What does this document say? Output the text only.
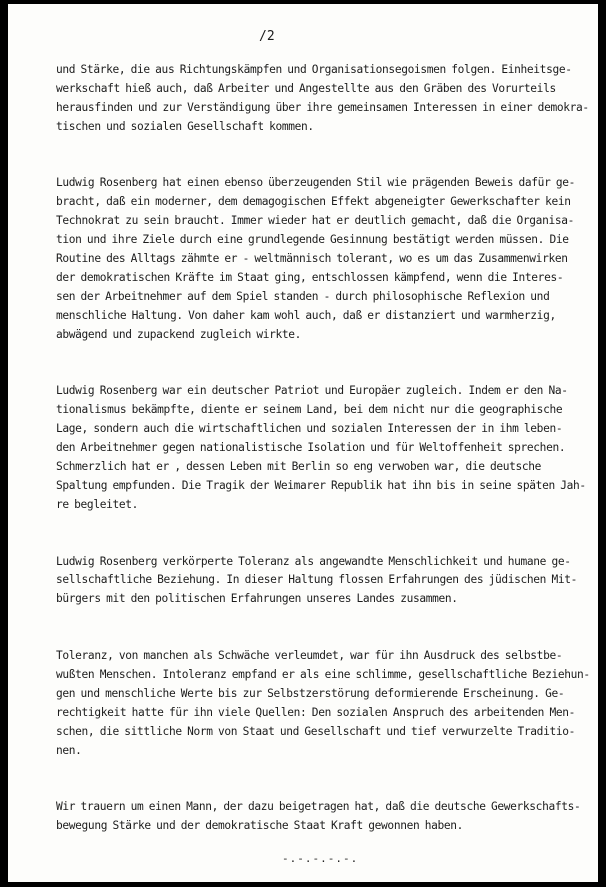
/2
und Stärke, die aus Richtungskämpfen und Organisationsegoismen folgen. Einheitsge-
werkschaft hieß auch, daß Arbeiter und Angestellte aus den Gräben des Vorurteils
herausfinden und zur Verständigung über ihre gemeinsamen Interessen in einer demokra-
tischen und sozialen Gesellschaft kommen.
Ludwig Rosenberg hat einen ebenso überzeugenden Stil wie prägenden Beweis dafür ge-
bracht, daß ein moderner, dem demagogischen Effekt abgeneigter Gewerkschafter kein
Technokrat zu sein braucht. Immer wieder hat er deutlich gemacht, daß die Organisa-
tion und ihre Ziele durch eine grundlegende Gesinnung bestätigt werden müssen. Die
Routine des Alltags zähmte er - weltmännisch tolerant, wo es um das Zusammenwirken
der demokratischen Kräfte im Staat ging, entschlossen kämpfend, wenn die Interes-
sen der Arbeitnehmer auf dem Spiel standen - durch philosophische Reflexion und
menschliche Haltung. Von daher kam wohl auch, daß er distanziert und warmherzig,
abwägend und zupackend zugleich wirkte.
Ludwig Rosenberg war ein deutscher Patriot und Europäer zugleich. Indem er den Na-
tionalismus bekämpfte, diente er seinem Land, bei dem nicht nur die geographische
Lage, sondern auch die wirtschaftlichen und sozialen Interessen der in ihm leben-
den Arbeitnehmer gegen nationalistische Isolation und für Weltoffenheit sprechen.
Schmerzlich hat er , dessen Leben mit Berlin so eng verwoben war, die deutsche
Spaltung empfunden. Die Tragik der Weimarer Republik hat ihn bis in seine späten Jah-
re begleitet.
Ludwig Rosenberg verkörperte Toleranz als angewandte Menschlichkeit und humane ge-
sellschaftliche Beziehung. In dieser Haltung flossen Erfahrungen des jüdischen Mit-
bürgers mit den politischen Erfahrungen unseres Landes zusammen.
Toleranz, von manchen als Schwäche verleumdet, war für ihn Ausdruck des selbstbe-
wußten Menschen. Intoleranz empfand er als eine schlimme, gesellschaftliche Beziehun-
gen und menschliche Werte bis zur Selbstzerstörung deformierende Erscheinung. Ge-
rechtigkeit hatte für ihn viele Quellen: Den sozialen Anspruch des arbeitenden Men-
schen, die sittliche Norm von Staat und Gesellschaft und tief verwurzelte Traditio-
nen.
Wir trauern um einen Mann, der dazu beigetragen hat, daß die deutsche Gewerkschafts-
bewegung Stärke und der demokratische Staat Kraft gewonnen haben.
-.-.-.-.-.
